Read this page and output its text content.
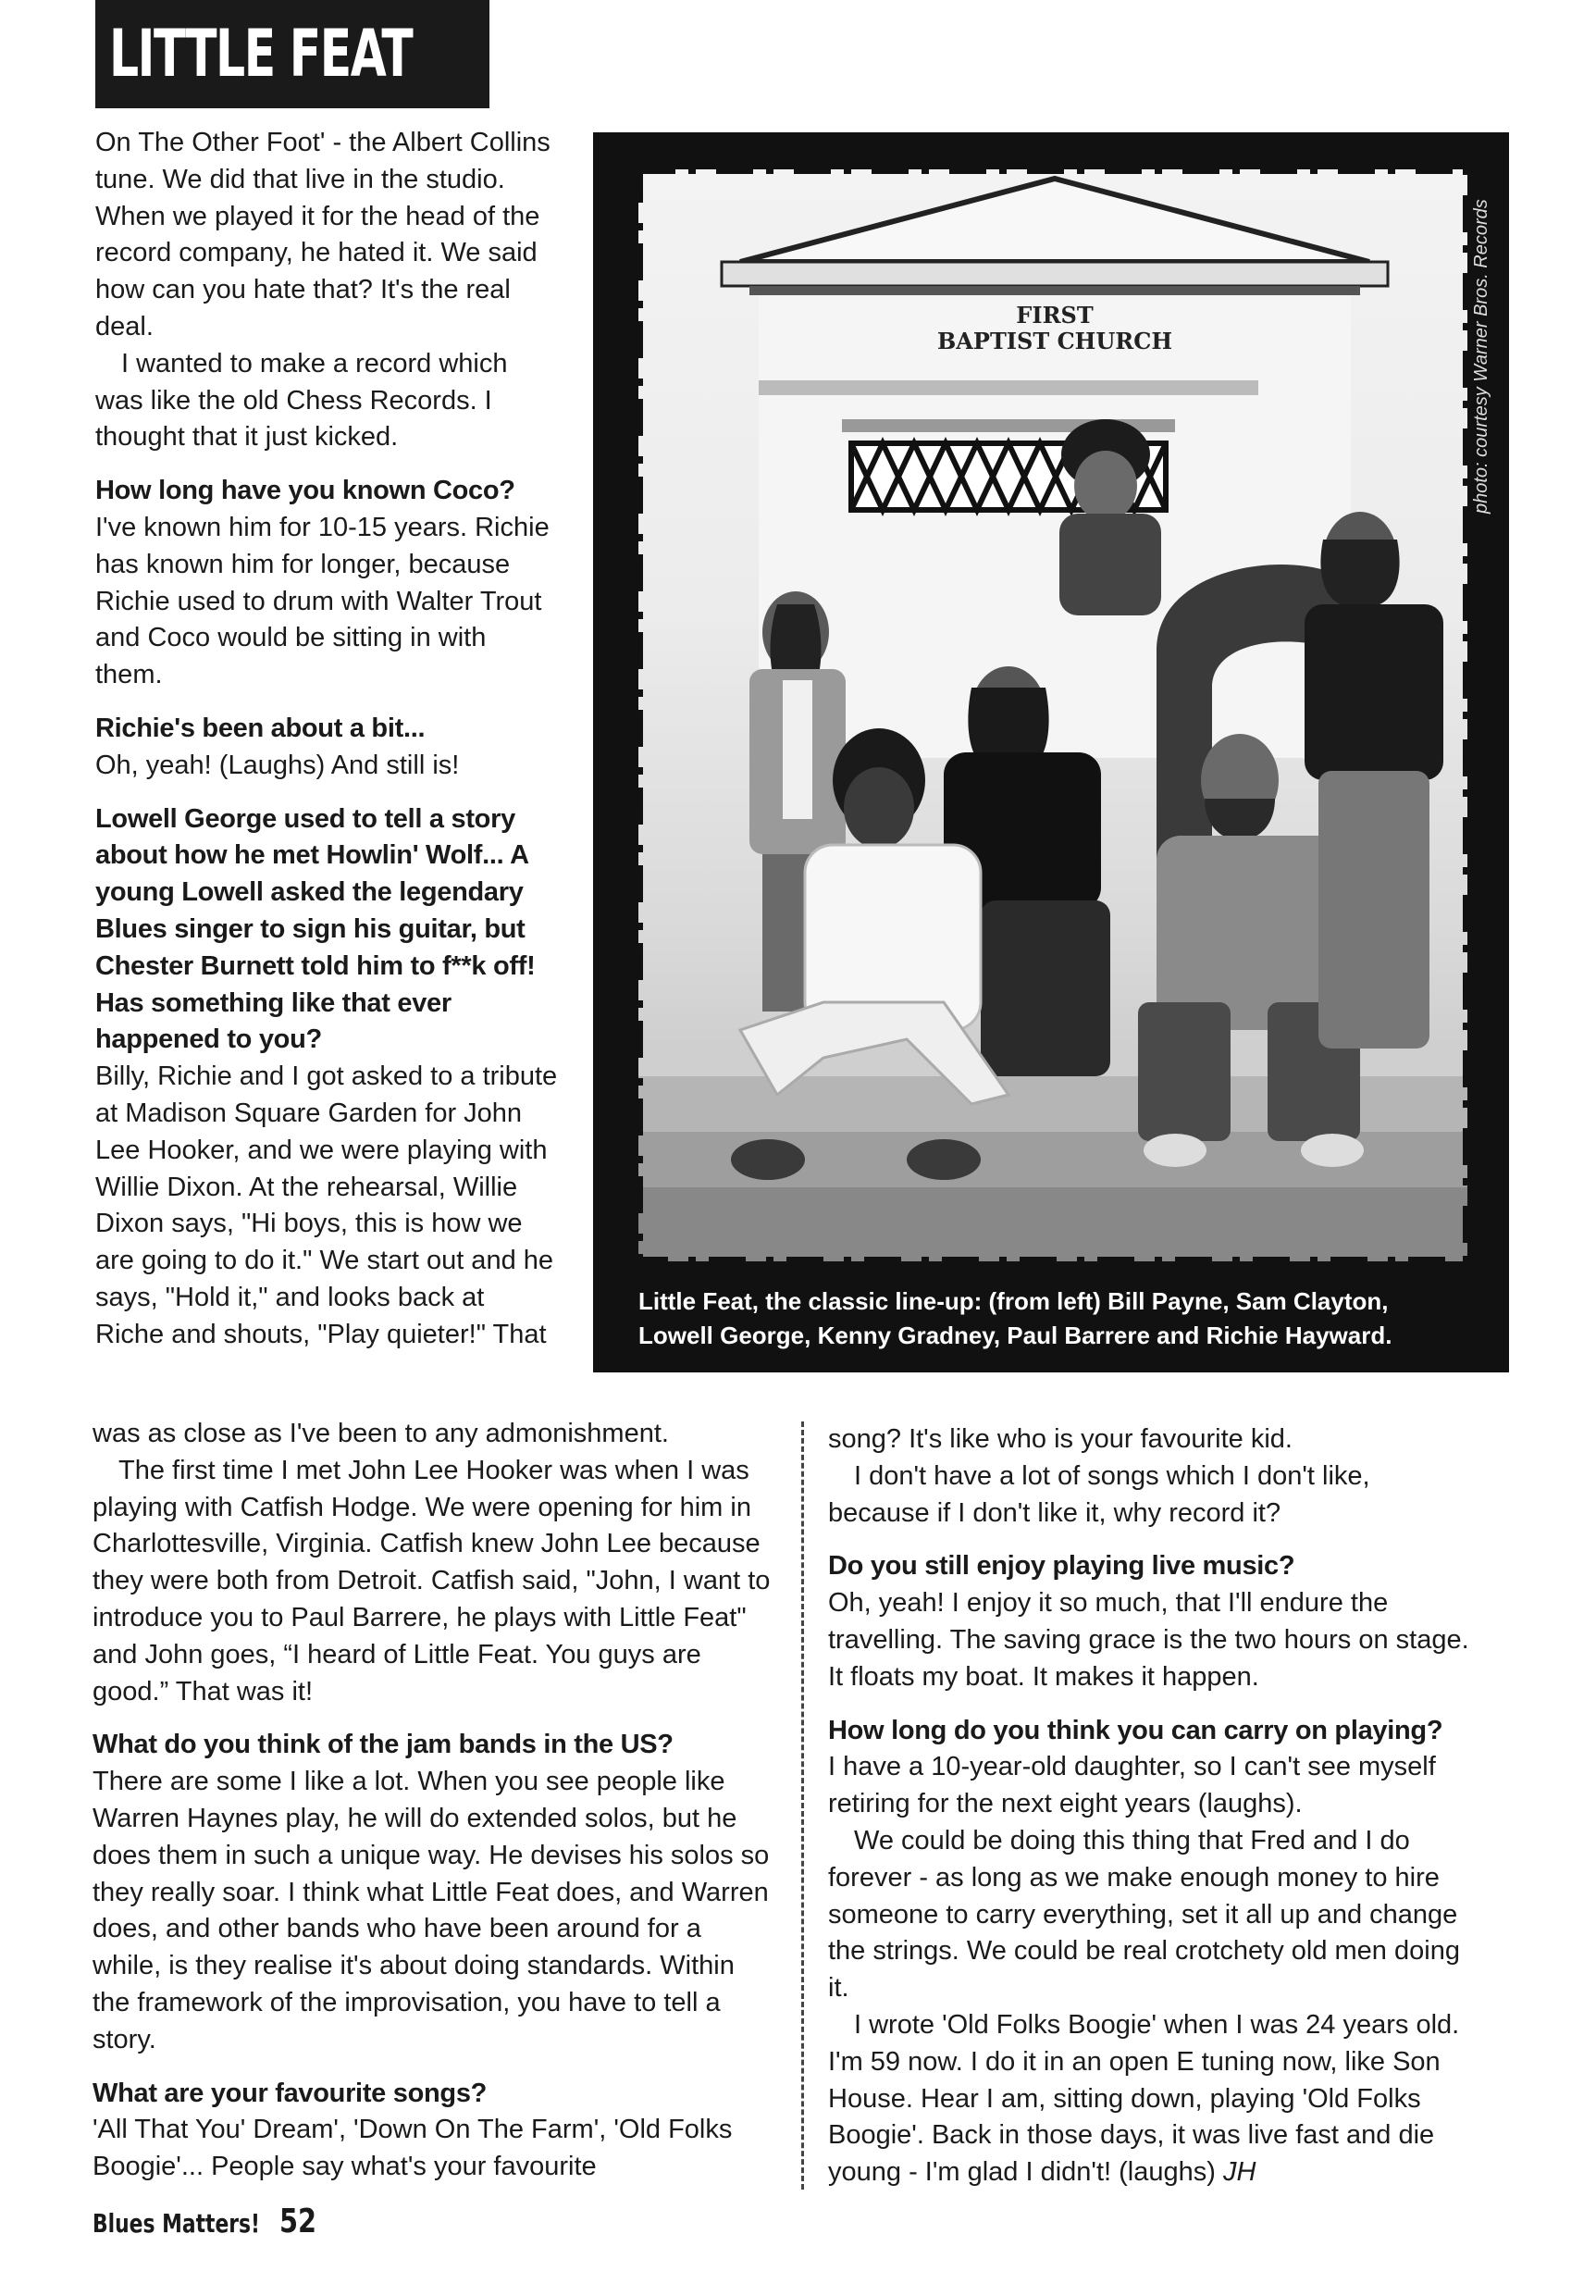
LITTLE FEAT
FIRST
BAPTIST CHURCH	photo: courtesy Warner Bros. Records
Little Feat, the classic line-up: (from left) Bill Payne, Sam Clayton,
Lowell George, Kenny Gradney, Paul Barrere and Richie Hayward.

On The Other Foot' - the Albert Collins tune. We did that live in the studio. When we played it for the head of the record company, he hated it. We said how can you hate that? It's the real deal.

I wanted to make a record which was like the old Chess Records. I thought that it just kicked.

How long have you known Coco?

I've known him for 10-15 years. Richie has known him for longer, because Richie used to drum with Walter Trout and Coco would be sitting in with them.

Richie's been about a bit...

Oh, yeah! (Laughs) And still is!

Lowell George used to tell a story about how he met Howlin' Wolf... A young Lowell asked the legendary Blues singer to sign his guitar, but Chester Burnett told him to f**k off! Has something like that ever happened to you?

Billy, Richie and I got asked to a tribute at Madison Square Garden for John Lee Hooker, and we were playing with Willie Dixon. At the rehearsal, Willie Dixon says, "Hi boys, this is how we are going to do it." We start out and he says, "Hold it," and looks back at Riche and shouts, "Play quieter!" That

was as close as I've been to any admonishment.

The first time I met John Lee Hooker was when I was playing with Catfish Hodge. We were opening for him in Charlottesville, Virginia. Catfish knew John Lee because they were both from Detroit. Catfish said, "John, I want to introduce you to Paul Barrere, he plays with Little Feat" and John goes, “I heard of Little Feat. You guys are good.” That was it!

What do you think of the jam bands in the US?

There are some I like a lot. When you see people like Warren Haynes play, he will do extended solos, but he does them in such a unique way. He devises his solos so they really soar. I think what Little Feat does, and Warren does, and other bands who have been around for a while, is they realise it's about doing standards. Within the framework of the improvisation, you have to tell a story.

What are your favourite songs?

'All That You' Dream', 'Down On The Farm', 'Old Folks Boogie'... People say what's your favourite

song? It's like who is your favourite kid.

I don't have a lot of songs which I don't like, because if I don't like it, why record it?

Do you still enjoy playing live music?

Oh, yeah! I enjoy it so much, that I'll endure the travelling. The saving grace is the two hours on stage. It floats my boat. It makes it happen.

How long do you think you can carry on playing?

I have a 10-year-old daughter, so I can't see myself retiring for the next eight years (laughs).

We could be doing this thing that Fred and I do forever - as long as we make enough money to hire someone to carry everything, set it all up and change the strings. We could be real crotchety old men doing it.

I wrote 'Old Folks Boogie' when I was 24 years old. I'm 59 now. I do it in an open E tuning now, like Son House. Hear I am, sitting down, playing 'Old Folks Boogie'. Back in those days, it was live fast and die young - I'm glad I didn't! (laughs) JH

Blues Matters! 52
